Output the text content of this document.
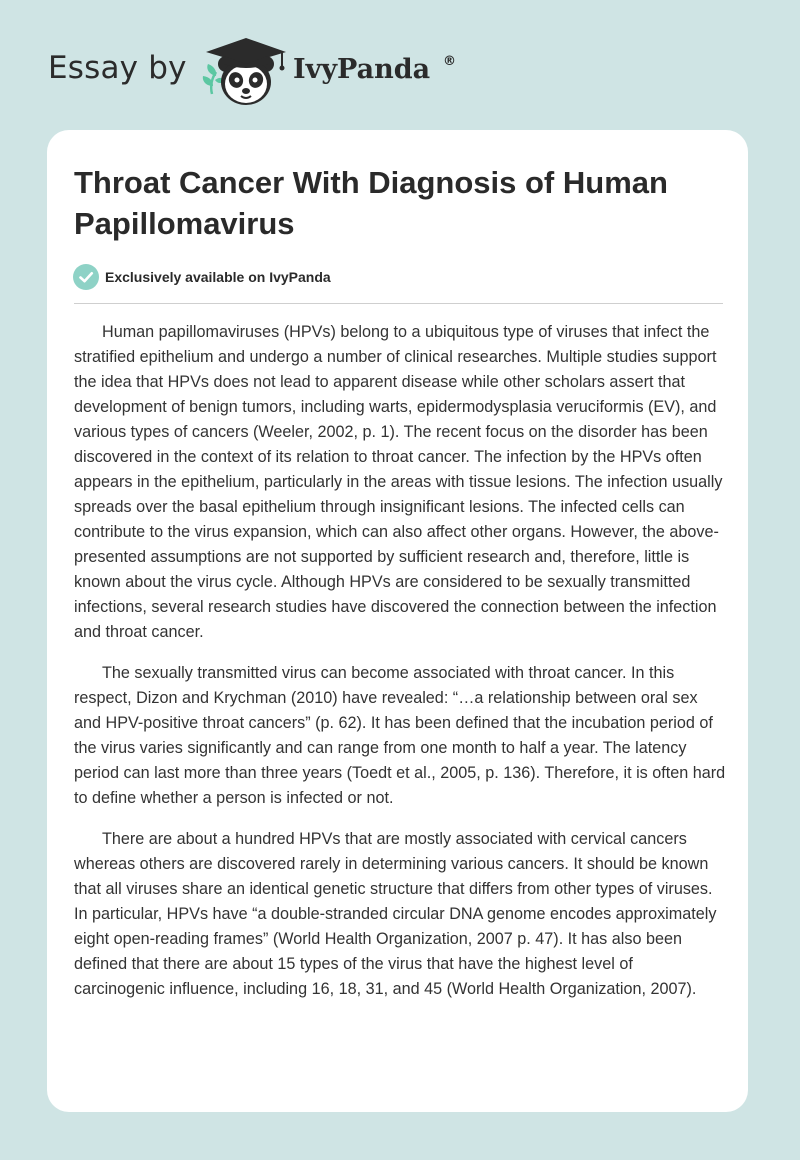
Essay by	IvyPanda ®
Throat Cancer With Diagnosis of Human Papillomavirus
Exclusively available on IvyPanda

Human papillomaviruses (HPVs) belong to a ubiquitous type of viruses that infect the stratified epithelium and undergo a number of clinical researches. Multiple studies support the idea that HPVs does not lead to apparent disease while other scholars assert that development of benign tumors, including warts, epidermodysplasia veruciformis (EV), and various types of cancers (Weeler, 2002, p. 1). The recent focus on the disorder has been discovered in the context of its relation to throat cancer. The infection by the HPVs often appears in the epithelium, particularly in the areas with tissue lesions. The infection usually spreads over the basal epithelium through insignificant lesions. The infected cells can contribute to the virus expansion, which can also affect other organs. However, the above-presented assumptions are not supported by sufficient research and, therefore, little is known about the virus cycle. Although HPVs are considered to be sexually transmitted infections, several research studies have discovered the connection between the infection and throat cancer.

The sexually transmitted virus can become associated with throat cancer. In this respect, Dizon and Krychman (2010) have revealed: “…a relationship between oral sex and HPV-positive throat cancers” (p. 62). It has been defined that the incubation period of the virus varies significantly and can range from one month to half a year. The latency period can last more than three years (Toedt et al., 2005, p. 136). Therefore, it is often hard to define whether a person is infected or not.

There are about a hundred HPVs that are mostly associated with cervical cancers whereas others are discovered rarely in determining various cancers. It should be known that all viruses share an identical genetic structure that differs from other types of viruses. In particular, HPVs have “a double-stranded circular DNA genome encodes approximately eight open-reading frames” (World Health Organization, 2007 p. 47). It has also been defined that there are about 15 types of the virus that have the highest level of carcinogenic influence, including 16, 18, 31, and 45 (World Health Organization, 2007).
